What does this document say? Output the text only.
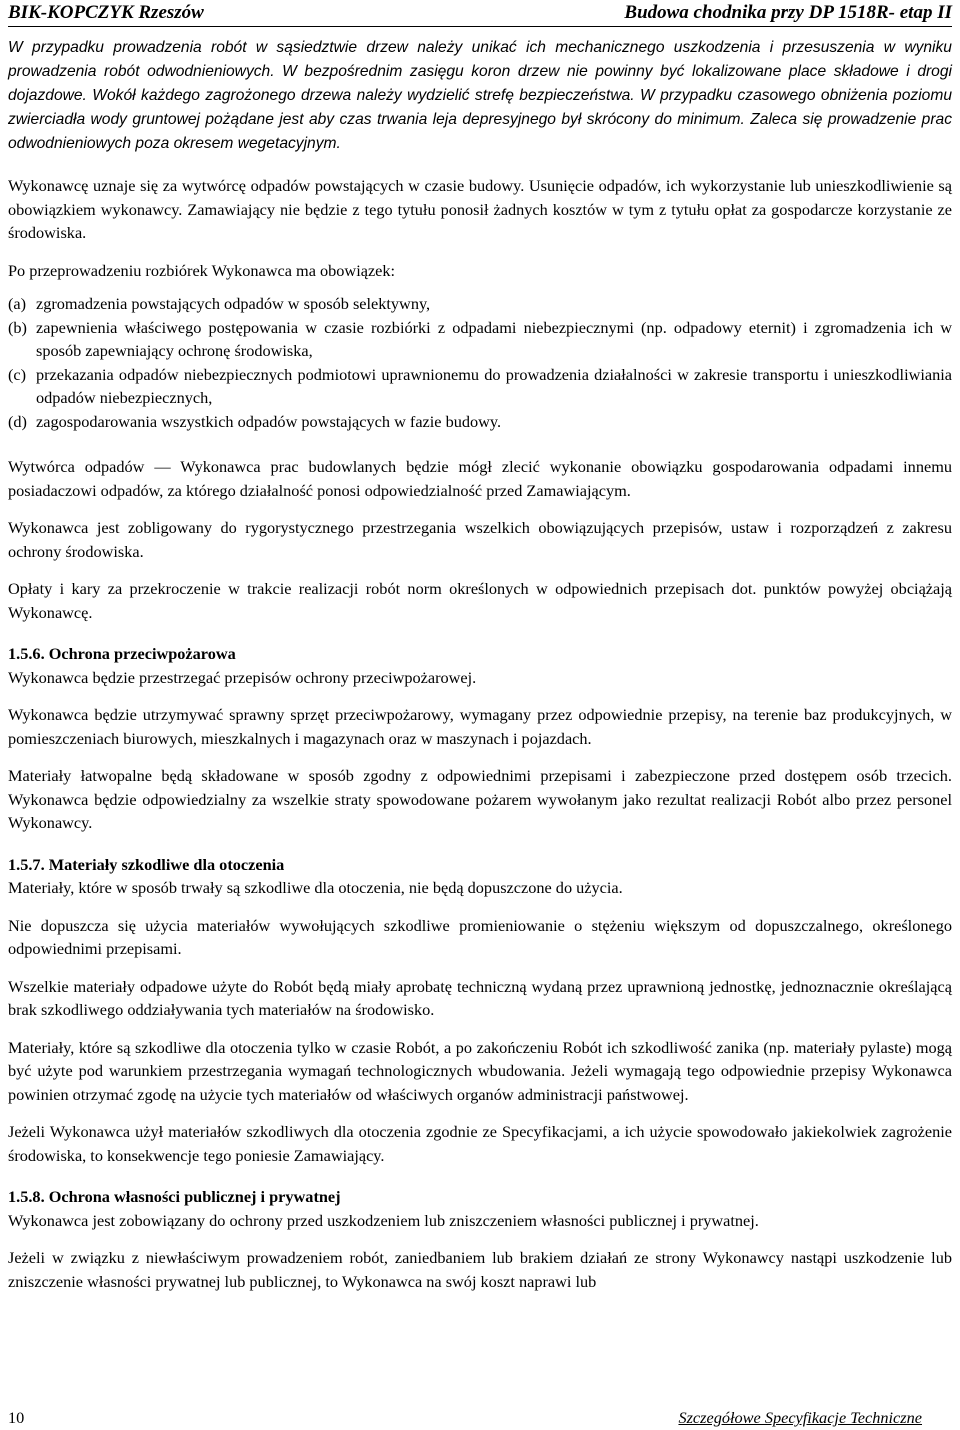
BIK-KOPCZYK Rzeszów	Budowa chodnika przy DP 1518R- etap II

W przypadku prowadzenia robót w sąsiedztwie drzew należy unikać ich mechanicznego uszkodzenia i przesuszenia w wyniku prowadzenia robót odwodnieniowych. W bezpośrednim zasięgu koron drzew nie powinny być lokalizowane place składowe i drogi dojazdowe. Wokół każdego zagrożonego drzewa należy wydzielić strefę bezpieczeństwa. W przypadku czasowego obniżenia poziomu zwierciadła wody gruntowej pożądane jest aby czas trwania leja depresyjnego był skrócony do minimum. Zaleca się prowadzenie prac odwodnieniowych poza okresem wegetacyjnym.

Wykonawcę uznaje się za wytwórcę odpadów powstających w czasie budowy. Usunięcie odpadów, ich wykorzystanie lub unieszkodliwienie są obowiązkiem wykonawcy. Zamawiający nie będzie z tego tytułu ponosił żadnych kosztów w tym z tytułu opłat za gospodarcze korzystanie ze środowiska.

Po przeprowadzeniu rozbiórek Wykonawca ma obowiązek:

(a) zgromadzenia powstających odpadów w sposób selektywny,
(b) zapewnienia właściwego postępowania w czasie rozbiórki z odpadami niebezpiecznymi (np. odpadowy eternit) i zgromadzenia ich w sposób zapewniający ochronę środowiska,
(c) przekazania odpadów niebezpiecznych podmiotowi uprawnionemu do prowadzenia działalności w zakresie transportu i unieszkodliwiania odpadów niebezpiecznych,
(d) zagospodarowania wszystkich odpadów powstających w fazie budowy.

Wytwórca odpadów — Wykonawca prac budowlanych będzie mógł zlecić wykonanie obowiązku gospodarowania odpadami innemu posiadaczowi odpadów, za którego działalność ponosi odpowiedzialność przed Zamawiającym.

Wykonawca jest zobligowany do rygorystycznego przestrzegania wszelkich obowiązujących przepisów, ustaw i rozporządzeń z zakresu ochrony środowiska.

Opłaty i kary za przekroczenie w trakcie realizacji robót norm określonych w odpowiednich przepisach dot. punktów powyżej obciążają Wykonawcę.

1.5.6. Ochrona przeciwpożarowa

Wykonawca będzie przestrzegać przepisów ochrony przeciwpożarowej.

Wykonawca będzie utrzymywać sprawny sprzęt przeciwpożarowy, wymagany przez odpowiednie przepisy, na terenie baz produkcyjnych, w pomieszczeniach biurowych, mieszkalnych i magazynach oraz w maszynach i pojazdach.

Materiały łatwopalne będą składowane w sposób zgodny z odpowiednimi przepisami i zabezpieczone przed dostępem osób trzecich. Wykonawca będzie odpowiedzialny za wszelkie straty spowodowane pożarem wywołanym jako rezultat realizacji Robót albo przez personel Wykonawcy.

1.5.7. Materiały szkodliwe dla otoczenia

Materiały, które w sposób trwały są szkodliwe dla otoczenia, nie będą dopuszczone do użycia.

Nie dopuszcza się użycia materiałów wywołujących szkodliwe promieniowanie o stężeniu większym od dopuszczalnego, określonego odpowiednimi przepisami.

Wszelkie materiały odpadowe użyte do Robót będą miały aprobatę techniczną wydaną przez uprawnioną jednostkę, jednoznacznie określającą brak szkodliwego oddziaływania tych materiałów na środowisko.

Materiały, które są szkodliwe dla otoczenia tylko w czasie Robót, a po zakończeniu Robót ich szkodliwość zanika (np. materiały pylaste) mogą być użyte pod warunkiem przestrzegania wymagań technologicznych wbudowania. Jeżeli wymagają tego odpowiednie przepisy Wykonawca powinien otrzymać zgodę na użycie tych materiałów od właściwych organów administracji państwowej.

Jeżeli Wykonawca użył materiałów szkodliwych dla otoczenia zgodnie ze Specyfikacjami, a ich użycie spowodowało jakiekolwiek zagrożenie środowiska, to konsekwencje tego poniesie Zamawiający.

1.5.8. Ochrona własności publicznej i prywatnej

Wykonawca jest zobowiązany do ochrony przed uszkodzeniem lub zniszczeniem własności publicznej i prywatnej.

Jeżeli w związku z niewłaściwym prowadzeniem robót, zaniedbaniem lub brakiem działań ze strony Wykonawcy nastąpi uszkodzenie lub zniszczenie własności prywatnej lub publicznej, to Wykonawca na swój koszt naprawi lub

10	Szczegółowe Specyfikacje Techniczne
